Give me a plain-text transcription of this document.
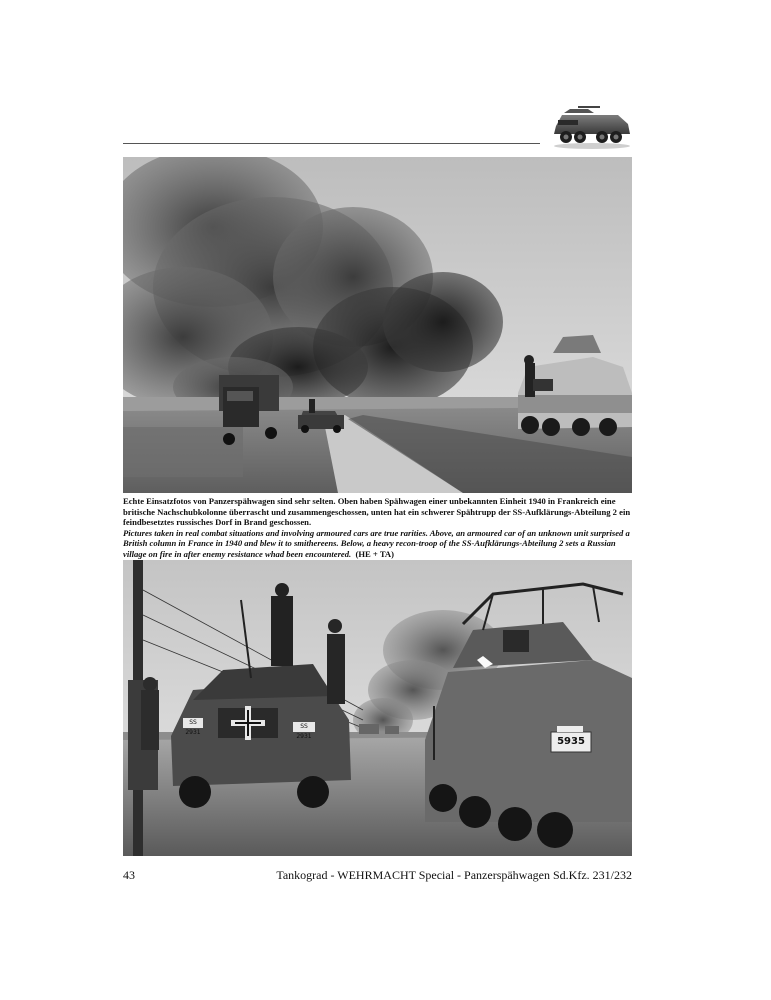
Echte Einsatzfotos von Panzerspähwagen sind sehr selten. Oben haben Spähwagen einer unbekannten Einheit 1940 in Frankreich eine britische Nachschubkolonne überrascht und zusammengeschossen, unten hat ein schwerer Spähtrupp der SS-Aufklärungs-Abteilung 2 ein feindbesetztes russisches Dorf in Brand geschossen.
Pictures taken in real combat situations and involving armoured cars are true rarities. Above, an armoured car of an unknown unit surprised a British column in France in 1940 and blew it to smithereens. Below, a heavy recon-troop of the SS-Aufklärungs-Abteilung 2 sets a Russian village on fire in after enemy resistance whad been encountered. (HE + TA)
SS 2931
SS 2931	5935
43	Tankograd - WEHRMACHT Special - Panzerspähwagen Sd.Kfz. 231/232
